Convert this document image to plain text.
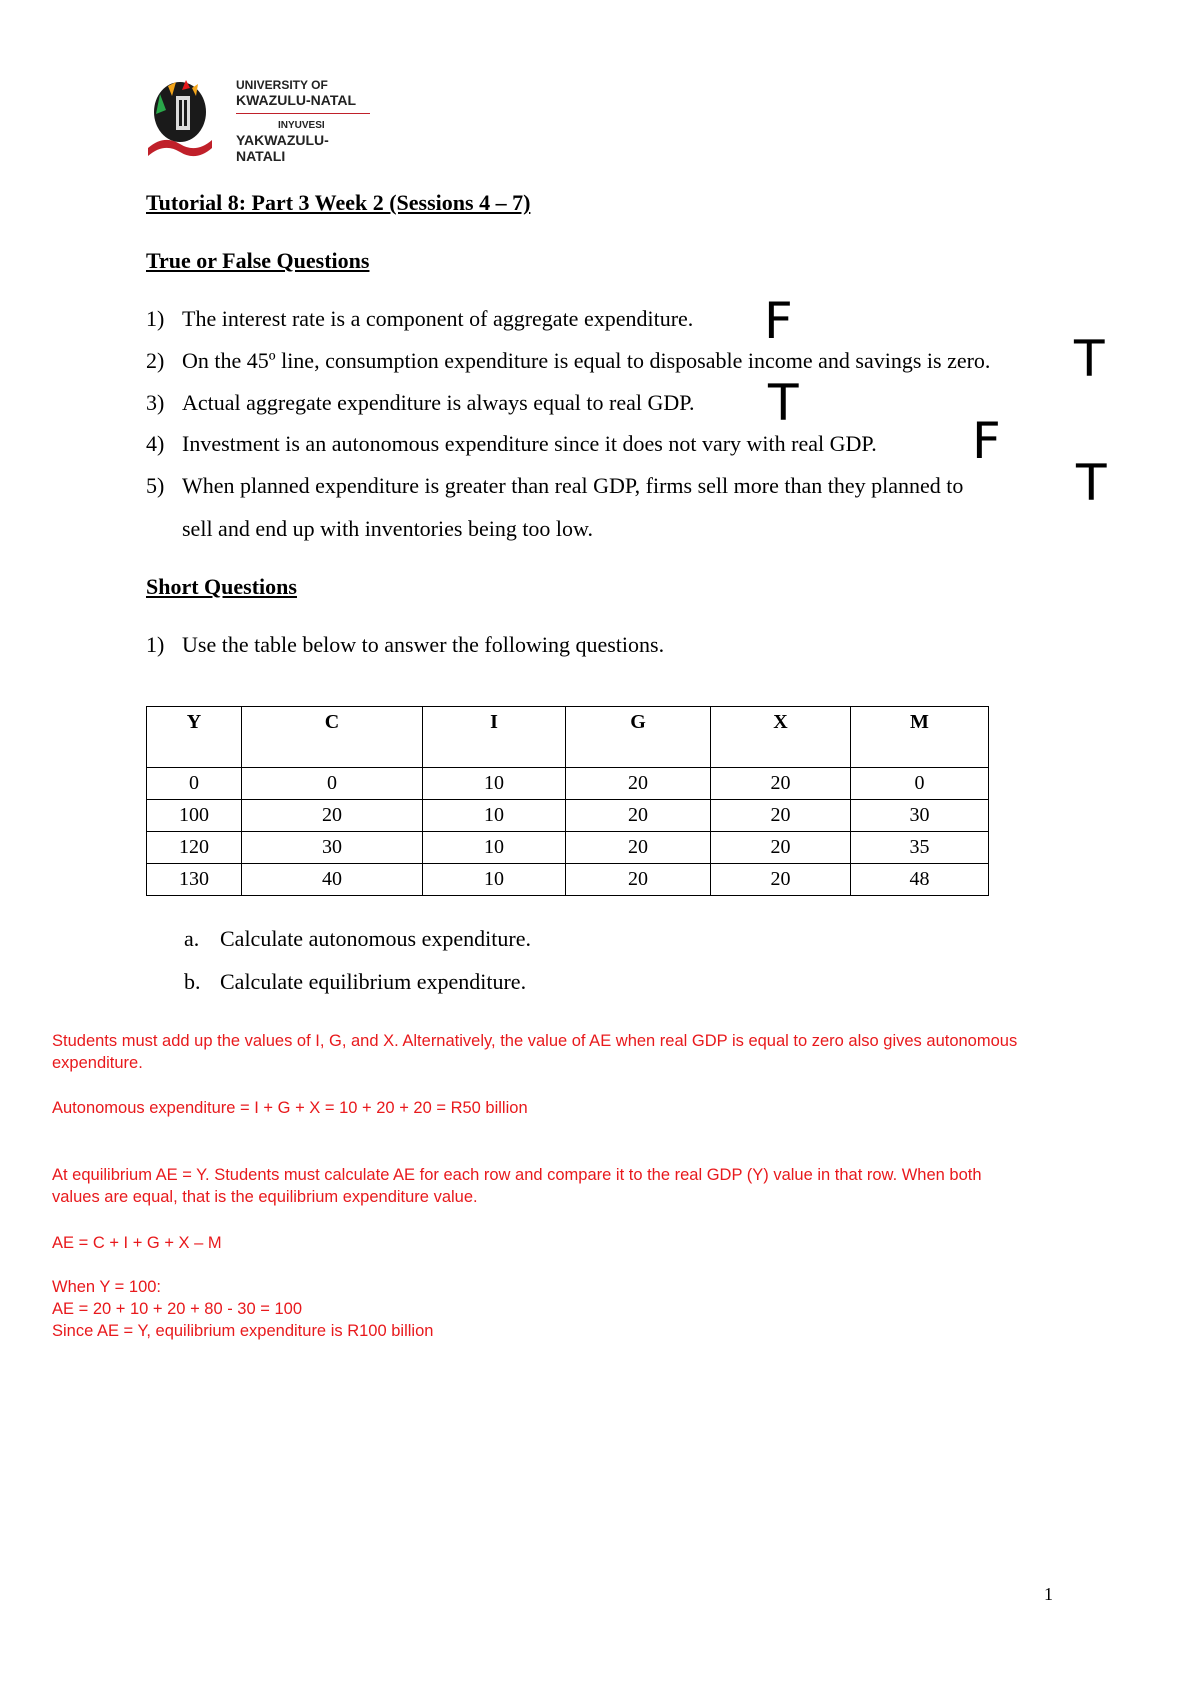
UNIVERSITY OF
KWAZULU-NATAL
INYUVESI
YAKWAZULU-NATALI
Tutorial 8: Part 3 Week 2 (Sessions 4 – 7)
True or False Questions
1) The interest rate is a component of aggregate expenditure.
2) On the 45º line, consumption expenditure is equal to disposable income and savings is zero.
3) Actual aggregate expenditure is always equal to real GDP.
4) Investment is an autonomous expenditure since it does not vary with real GDP.
5) When planned expenditure is greater than real GDP, firms sell more than they planned to
sell and end up with inventories being too low.
F
T
T
F
T
Short Questions
1) Use the table below to answer the following questions.
Y	C	I	G	X	M
0	0	10	20	20	0
100	20	10	20	20	30
120	30	10	20	20	35
130	40	10	20	20	48
a. Calculate autonomous expenditure.
b. Calculate equilibrium expenditure.
Students must add up the values of I, G, and X. Alternatively, the value of AE when real GDP is equal to zero also gives autonomous expenditure.
Autonomous expenditure = I + G + X = 10 + 20 + 20 = R50 billion
At equilibrium AE = Y. Students must calculate AE for each row and compare it to the real GDP (Y) value in that row. When both values are equal, that is the equilibrium expenditure value.
AE = C + I + G + X – M
When Y = 100:
AE = 20 + 10 + 20 + 80 - 30 = 100
Since AE = Y, equilibrium expenditure is R100 billion
1
